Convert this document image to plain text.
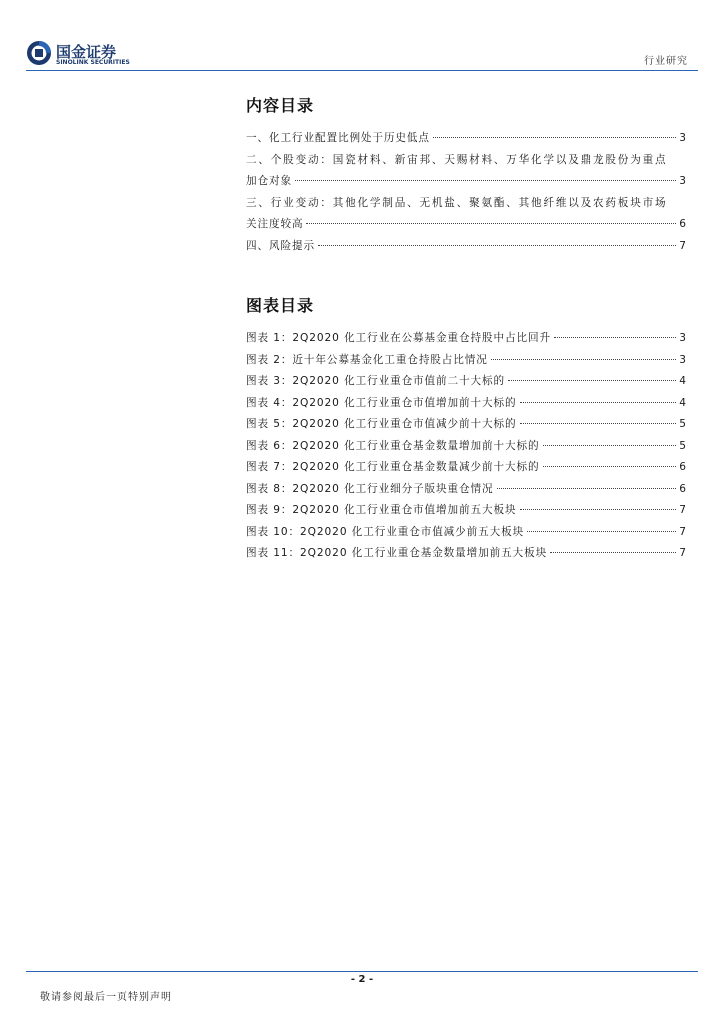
国金证券
SINOLINK SECURITIES	行业研究
内容目录
一、化工行业配置比例处于历史低点	3
二、个股变动：国瓷材料、新宙邦、天赐材料、万华化学以及鼎龙股份为重点
加仓对象	3
三、行业变动：其他化学制品、无机盐、聚氨酯、其他纤维以及农药板块市场
关注度较高	6
四、风险提示	7
图表目录
图表 1：2Q2020 化工行业在公募基金重仓持股中占比回升	3
图表 2：近十年公募基金化工重仓持股占比情况	3
图表 3：2Q2020 化工行业重仓市值前二十大标的	4
图表 4：2Q2020 化工行业重仓市值增加前十大标的	4
图表 5：2Q2020 化工行业重仓市值减少前十大标的	5
图表 6：2Q2020 化工行业重仓基金数量增加前十大标的	5
图表 7：2Q2020 化工行业重仓基金数量减少前十大标的	6
图表 8：2Q2020 化工行业细分子版块重仓情况	6
图表 9：2Q2020 化工行业重仓市值增加前五大板块	7
图表 10：2Q2020 化工行业重仓市值减少前五大板块	7
图表 11：2Q2020 化工行业重仓基金数量增加前五大板块	7
- 2 -
敬请参阅最后一页特别声明
